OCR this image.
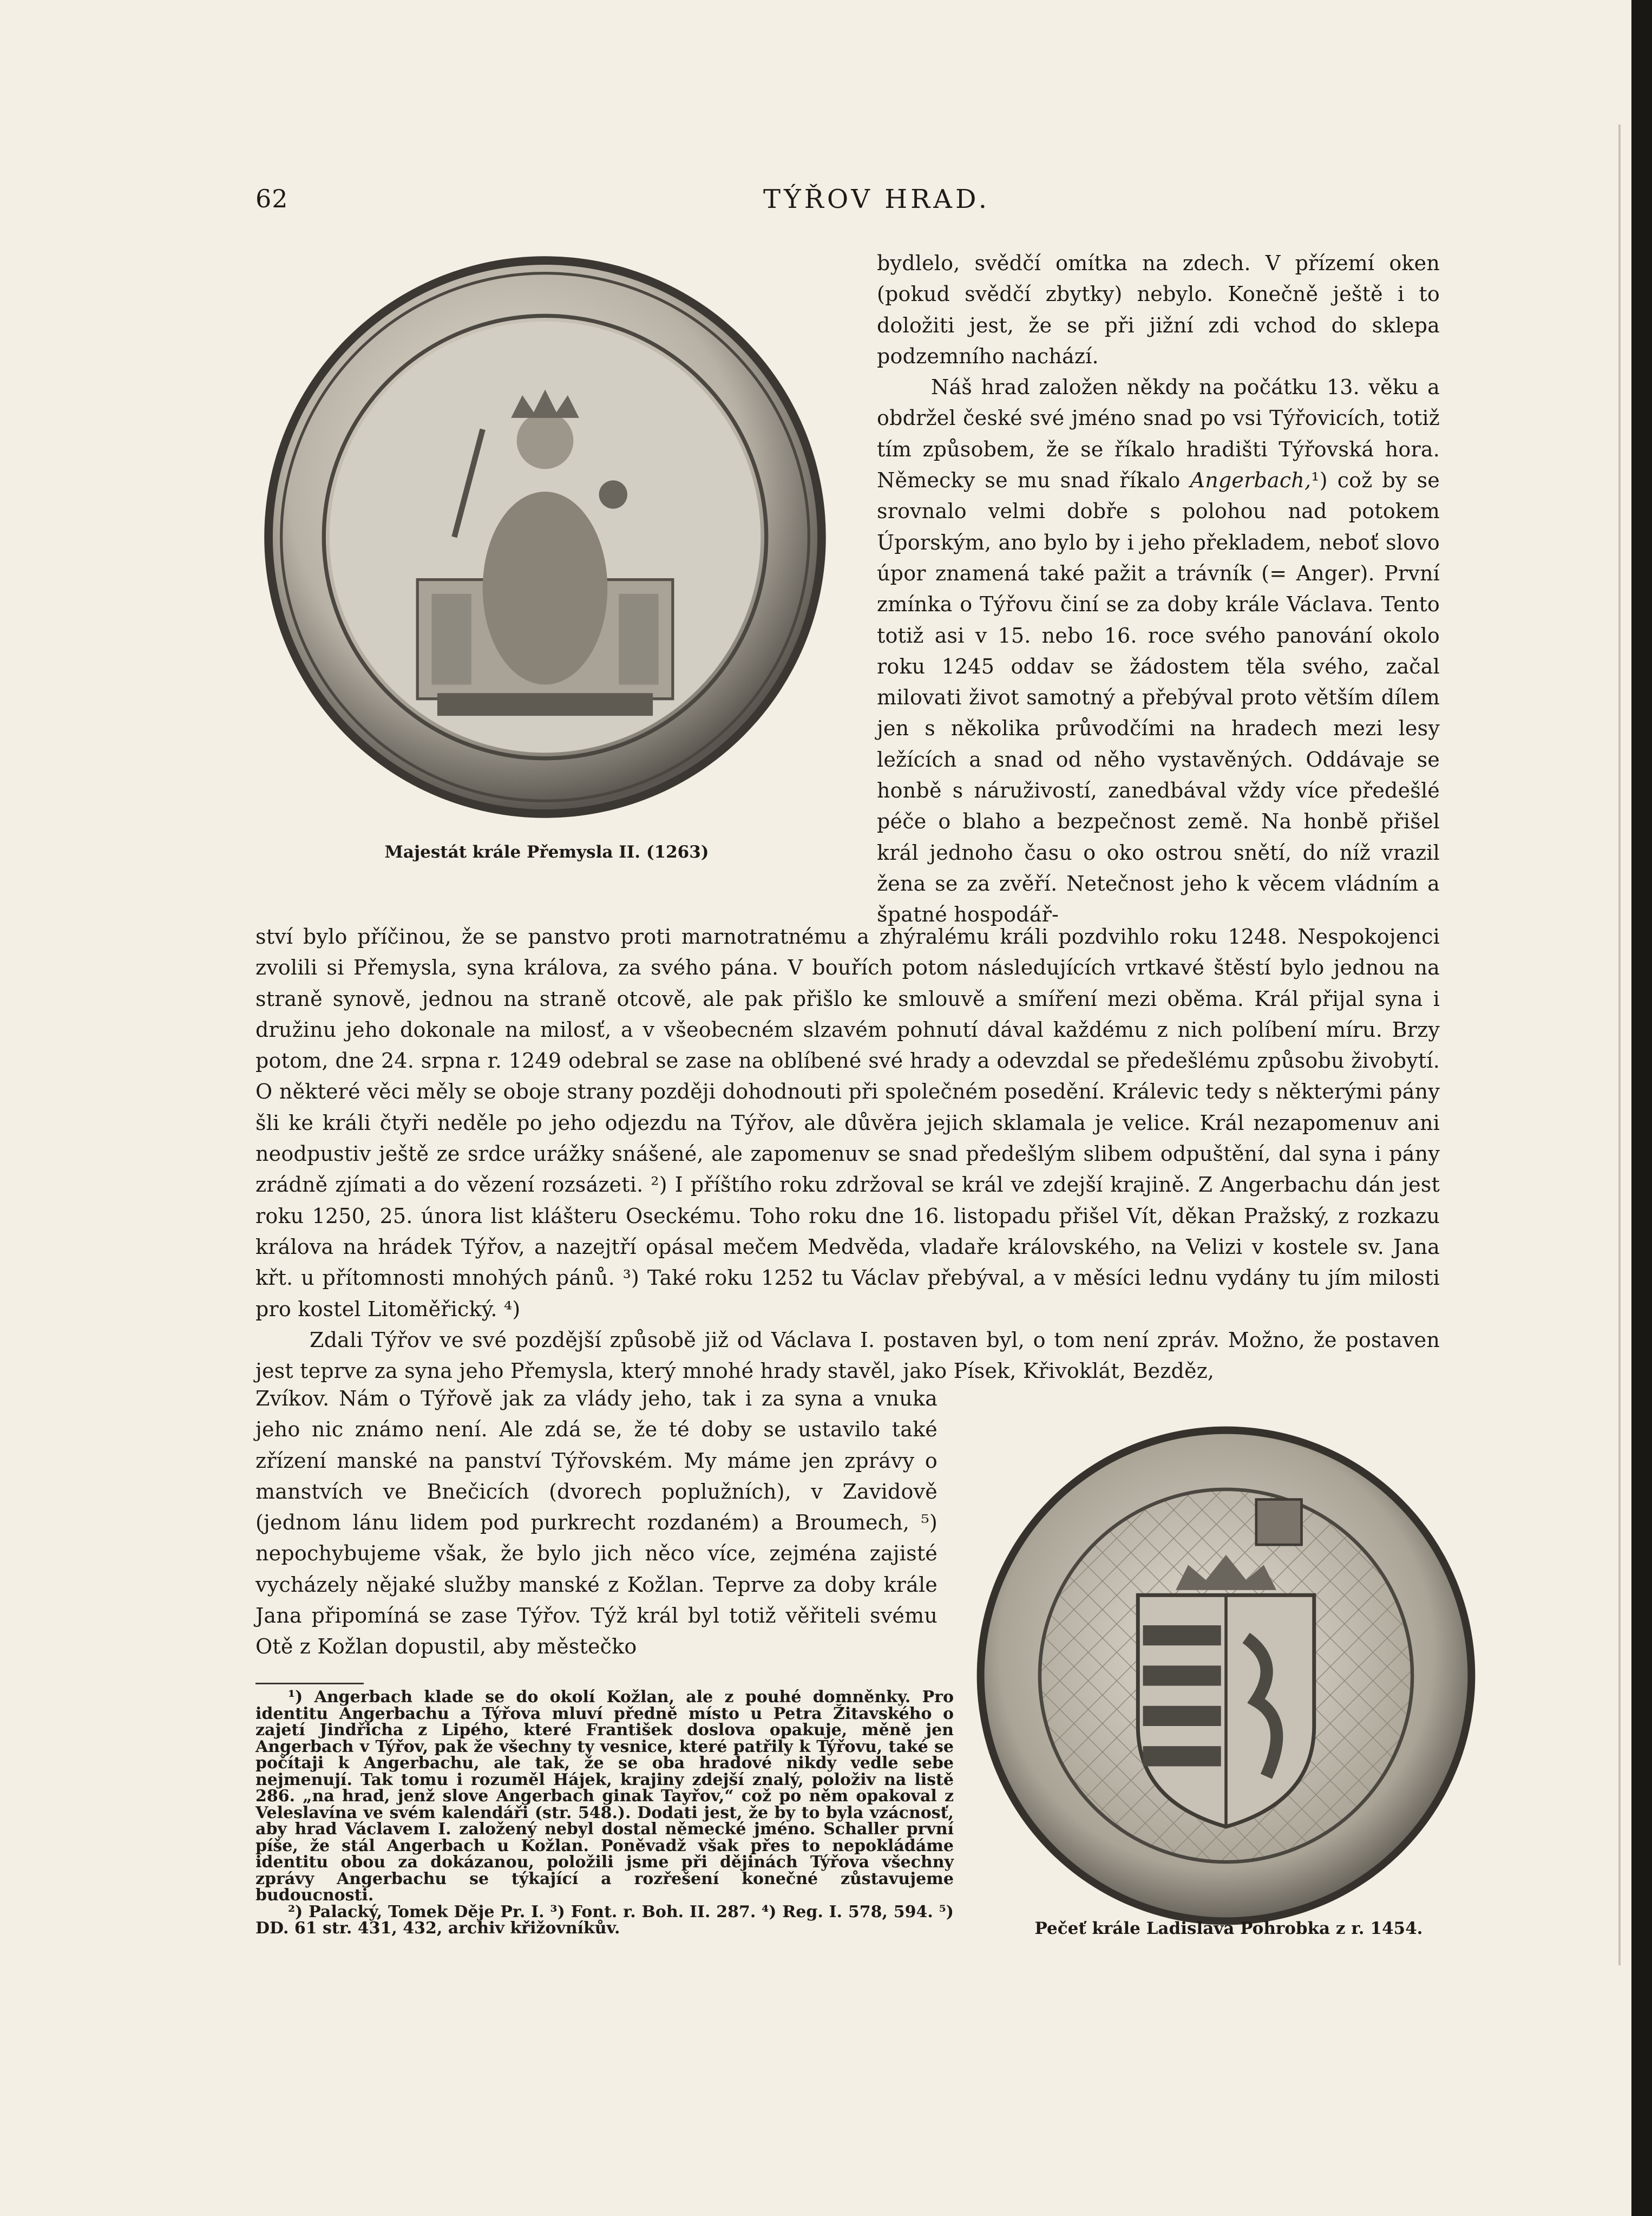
62	TÝŘOV HRAD.
Majestát krále Přemysla II. (1263)
Pečeť krále Ladislava Pohrobka z r. 1454.

bydlelo, svědčí omítka na zdech. V přízemí oken (pokud svědčí zbytky) nebylo. Konečně ještě i to doložiti jest, že se při jižní zdi vchod do sklepa podzemního nachází.

Náš hrad založen někdy na počátku 13. věku a obdržel české své jméno snad po vsi Týřovicích, totiž tím způsobem, že se říkalo hradišti Týřovská hora. Německy se mu snad říkalo Angerbach,¹) což by se srovnalo velmi dobře s polohou nad potokem Úporským, ano bylo by i jeho překladem, neboť slovo úpor znamená také pažit a trávník (= Anger). První zmínka o Týřovu činí se za doby krále Václava. Tento totiž asi v 15. nebo 16. roce svého panování okolo roku 1245 oddav se žádostem těla svého, začal milovati život samotný a přebýval proto větším dílem jen s několika průvodčími na hradech mezi lesy ležících a snad od něho vystavěných. Oddávaje se honbě s náruživostí, zanedbával vždy více předešlé péče o blaho a bezpečnost země. Na honbě přišel král jednoho času o oko ostrou snětí, do níž vrazil žena se za zvěří. Netečnost jeho k věcem vládním a špatné hospodář-

ství bylo příčinou, že se panstvo proti marnotratnému a zhýralému králi pozdvihlo roku 1248. Nespokojenci zvolili si Přemysla, syna králova, za svého pána. V bouřích potom následujících vrtkavé štěstí bylo jednou na straně synově, jednou na straně otcově, ale pak přišlo ke smlouvě a smíření mezi oběma. Král přijal syna i družinu jeho dokonale na milosť, a v všeobecném slzavém pohnutí dával každému z nich políbení míru. Brzy potom, dne 24. srpna r. 1249 odebral se zase na oblíbené své hrady a odevzdal se předešlému způsobu živobytí. O některé věci měly se oboje strany později dohodnouti při společném posedění. Králevic tedy s některými pány šli ke králi čtyři neděle po jeho odjezdu na Týřov, ale důvěra jejich sklamala je velice. Král nezapomenuv ani neodpustiv ještě ze srdce urážky snášené, ale zapomenuv se snad předešlým slibem odpuštění, dal syna i pány zrádně zjímati a do vězení rozsázeti. ²) I příštího roku zdržoval se král ve zdejší krajině. Z Angerbachu dán jest roku 1250, 25. února list klášteru Oseckému. Toho roku dne 16. listopadu přišel Vít, děkan Pražský, z rozkazu králova na hrádek Týřov, a nazejtří opásal mečem Medvěda, vladaře královského, na Velizi v kostele sv. Jana křt. u přítomnosti mnohých pánů. ³) Také roku 1252 tu Václav přebýval, a v měsíci lednu vydány tu jím milosti pro kostel Litoměřický. ⁴)

Zdali Týřov ve své pozdější způsobě již od Václava I. postaven byl, o tom není zpráv. Možno, že postaven jest teprve za syna jeho Přemysla, který mnohé hrady stavěl, jako Písek, Křivoklát, Bezděz,

Zvíkov. Nám o Týřově jak za vlády jeho, tak i za syna a vnuka jeho nic známo není. Ale zdá se, že té doby se ustavilo také zřízení manské na panství Týřovském. My máme jen zprávy o manstvích ve Bnečicích (dvorech poplužních), v Zavidově (jednom lánu lidem pod purkrecht rozdaném) a Broumech, ⁵) nepochybujeme však, že bylo jich něco více, zejména zajisté vycházely nějaké služby manské z Kožlan. Teprve za doby krále Jana připomíná se zase Týřov. Týž král byl totiž věřiteli svému Otě z Kožlan dopustil, aby městečko

¹) Angerbach klade se do okolí Kožlan, ale z pouhé domněnky. Pro identitu Angerbachu a Týřova mluví předně místo u Petra Žitavského o zajetí Jindřicha z Lipého, které František doslova opakuje, měně jen Angerbach v Týřov, pak že všechny ty vesnice, které patřily k Týřovu, také se počítaji k Angerbachu, ale tak, že se oba hradové nikdy vedle sebe nejmenují. Tak tomu i rozuměl Hájek, krajiny zdejší znalý, položiv na listě 286. „na hrad, jenž slove Angerbach ginak Tayřov,“ což po něm opakoval z Veleslavína ve svém kalendáři (str. 548.). Dodati jest, že by to byla vzácnosť, aby hrad Václavem I. založený nebyl dostal německé jméno. Schaller první píše, že stál Angerbach u Kožlan. Poněvadž však přes to nepokládáme identitu obou za dokázanou, položili jsme při dějinách Týřova všechny zprávy Angerbachu se týkající a rozřešení konečné zůstavujeme budoucnosti.

²) Palacký, Tomek Děje Pr. I. ³) Font. r. Boh. II. 287. ⁴) Reg. I. 578, 594. ⁵) DD. 61 str. 431, 432, archiv křižovníkův.
